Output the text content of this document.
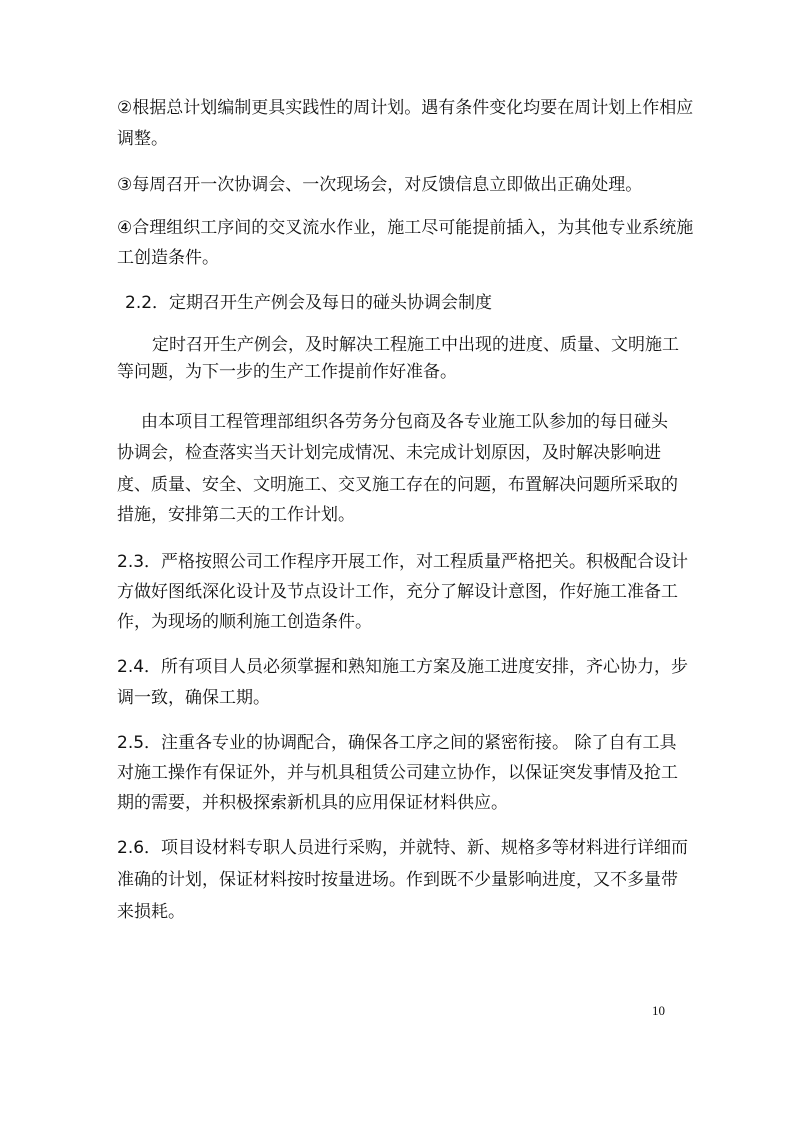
②根据总计划编制更具实践性的周计划。遇有条件变化均要在周计划上作相应
调整。
③每周召开一次协调会、一次现场会，对反馈信息立即做出正确处理。
④合理组织工序间的交叉流水作业，施工尽可能提前插入，为其他专业系统施
工创造条件。
2.2．定期召开生产例会及每日的碰头协调会制度
定时召开生产例会，及时解决工程施工中出现的进度、质量、文明施工
等问题，为下一步的生产工作提前作好准备。
由本项目工程管理部组织各劳务分包商及各专业施工队参加的每日碰头
协调会，检查落实当天计划完成情况、未完成计划原因，及时解决影响进
度、质量、安全、文明施工、交叉施工存在的问题，布置解决问题所采取的
措施，安排第二天的工作计划。
2.3．严格按照公司工作程序开展工作，对工程质量严格把关。积极配合设计
方做好图纸深化设计及节点设计工作，充分了解设计意图，作好施工准备工
作，为现场的顺利施工创造条件。
2.4．所有项目人员必须掌握和熟知施工方案及施工进度安排，齐心协力，步
调一致，确保工期。
2.5．注重各专业的协调配合，确保各工序之间的紧密衔接。 除了自有工具
对施工操作有保证外，并与机具租赁公司建立协作，以保证突发事情及抢工
期的需要，并积极探索新机具的应用保证材料供应。
2.6．项目设材料专职人员进行采购，并就特、新、规格多等材料进行详细而
准确的计划，保证材料按时按量进场。作到既不少量影响进度，又不多量带
来损耗。
10
